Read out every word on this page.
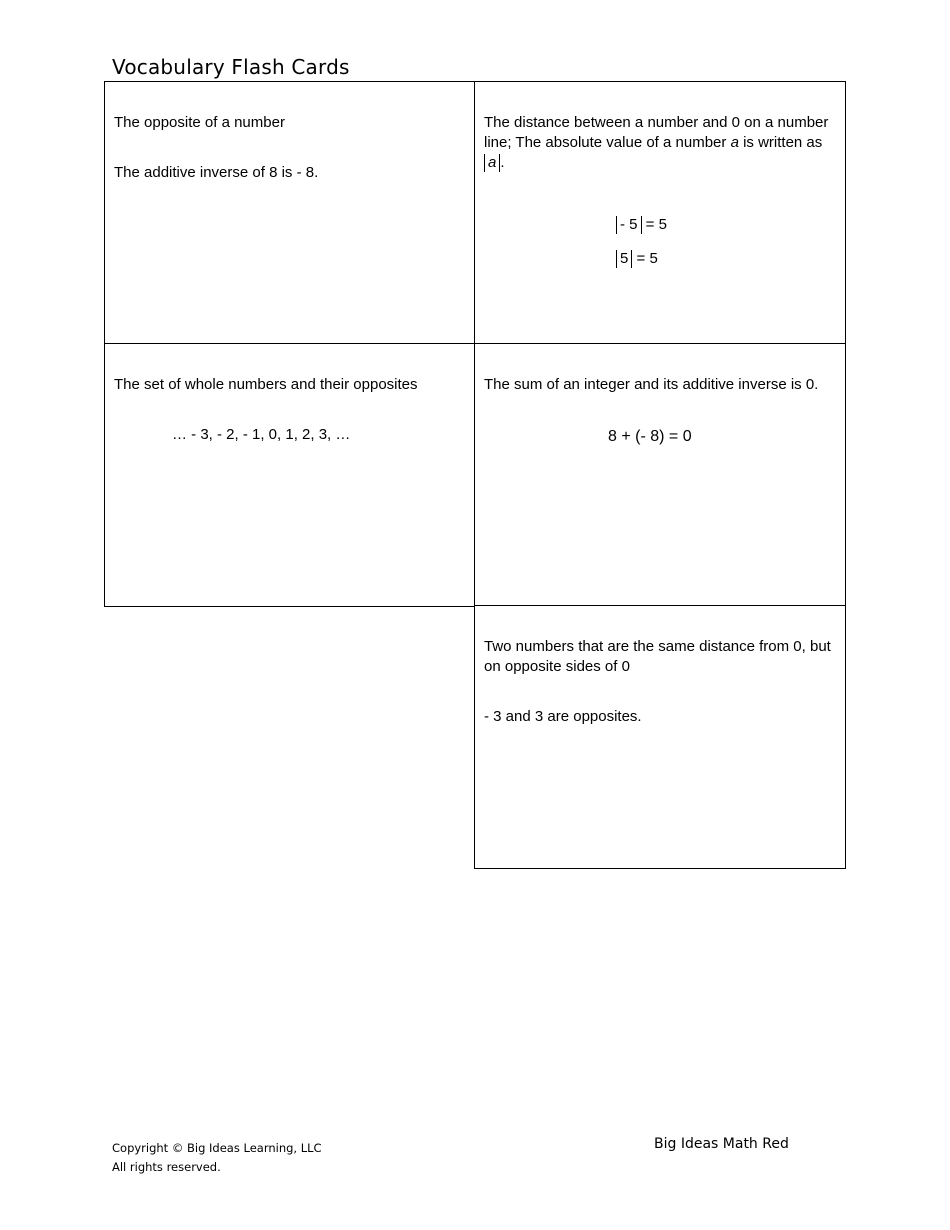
Vocabulary Flash Cards
The opposite of a number
The additive inverse of 8 is - 8.
The distance between a number and 0 on a number line; The absolute value of a number a is written as a .
- 5 = 5
5 = 5
The set of whole numbers and their opposites
… - 3, - 2, - 1, 0, 1, 2, 3, …
The sum of an integer and its additive inverse is 0.
8 + (- 8) = 0
Two numbers that are the same distance from 0, but on opposite sides of 0
- 3 and 3 are opposites.
Copyright © Big Ideas Learning, LLC
All rights reserved.
Big Ideas Math Red
